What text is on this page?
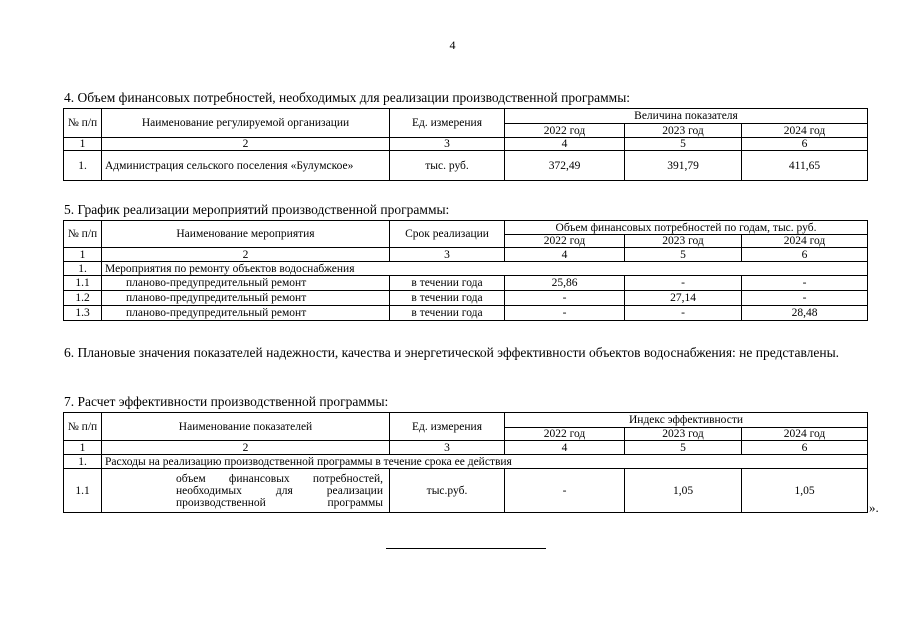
4
4. Объем финансовых потребностей, необходимых для реализации производственной программы:
№ п/п	Наименование регулируемой организации	Ед. измерения	Величина показателя		
			2022 год	2023 год	2024 год
1	2	3	4	5	6
1.	Администрация сельского поселения «Булумское»	тыс. руб.	372,49	391,79	411,65
5. График реализации мероприятий производственной программы:
№ п/п	Наименование мероприятия	Срок реализации	Объем финансовых потребностей по годам, тыс. руб.		
			2022 год	2023 год	2024 год
1	2	3	4	5	6
1.	Мероприятия по ремонту объектов водоснабжения				
1.1	планово-предупредительный ремонт	в течении года	25,86	-	-
1.2	планово-предупредительный ремонт	в течении года	-	27,14	-
1.3	планово-предупредительный ремонт	в течении года	-	-	28,48
6. Плановые значения показателей надежности, качества и энергетической эффективности объектов водоснабжения: не представлены.
7. Расчет эффективности производственной программы:
№ п/п	Наименование показателей	Ед. измерения	Индекс эффективности		
			2022 год	2023 год	2024 год
1	2	3	4	5	6
1.	Расходы на реализацию производственной программы в течение срока ее действия				
1.1	объем финансовых потребностей,
необходимых для реализации
производственной программы	тыс.руб.	-	1,05	1,05
».
